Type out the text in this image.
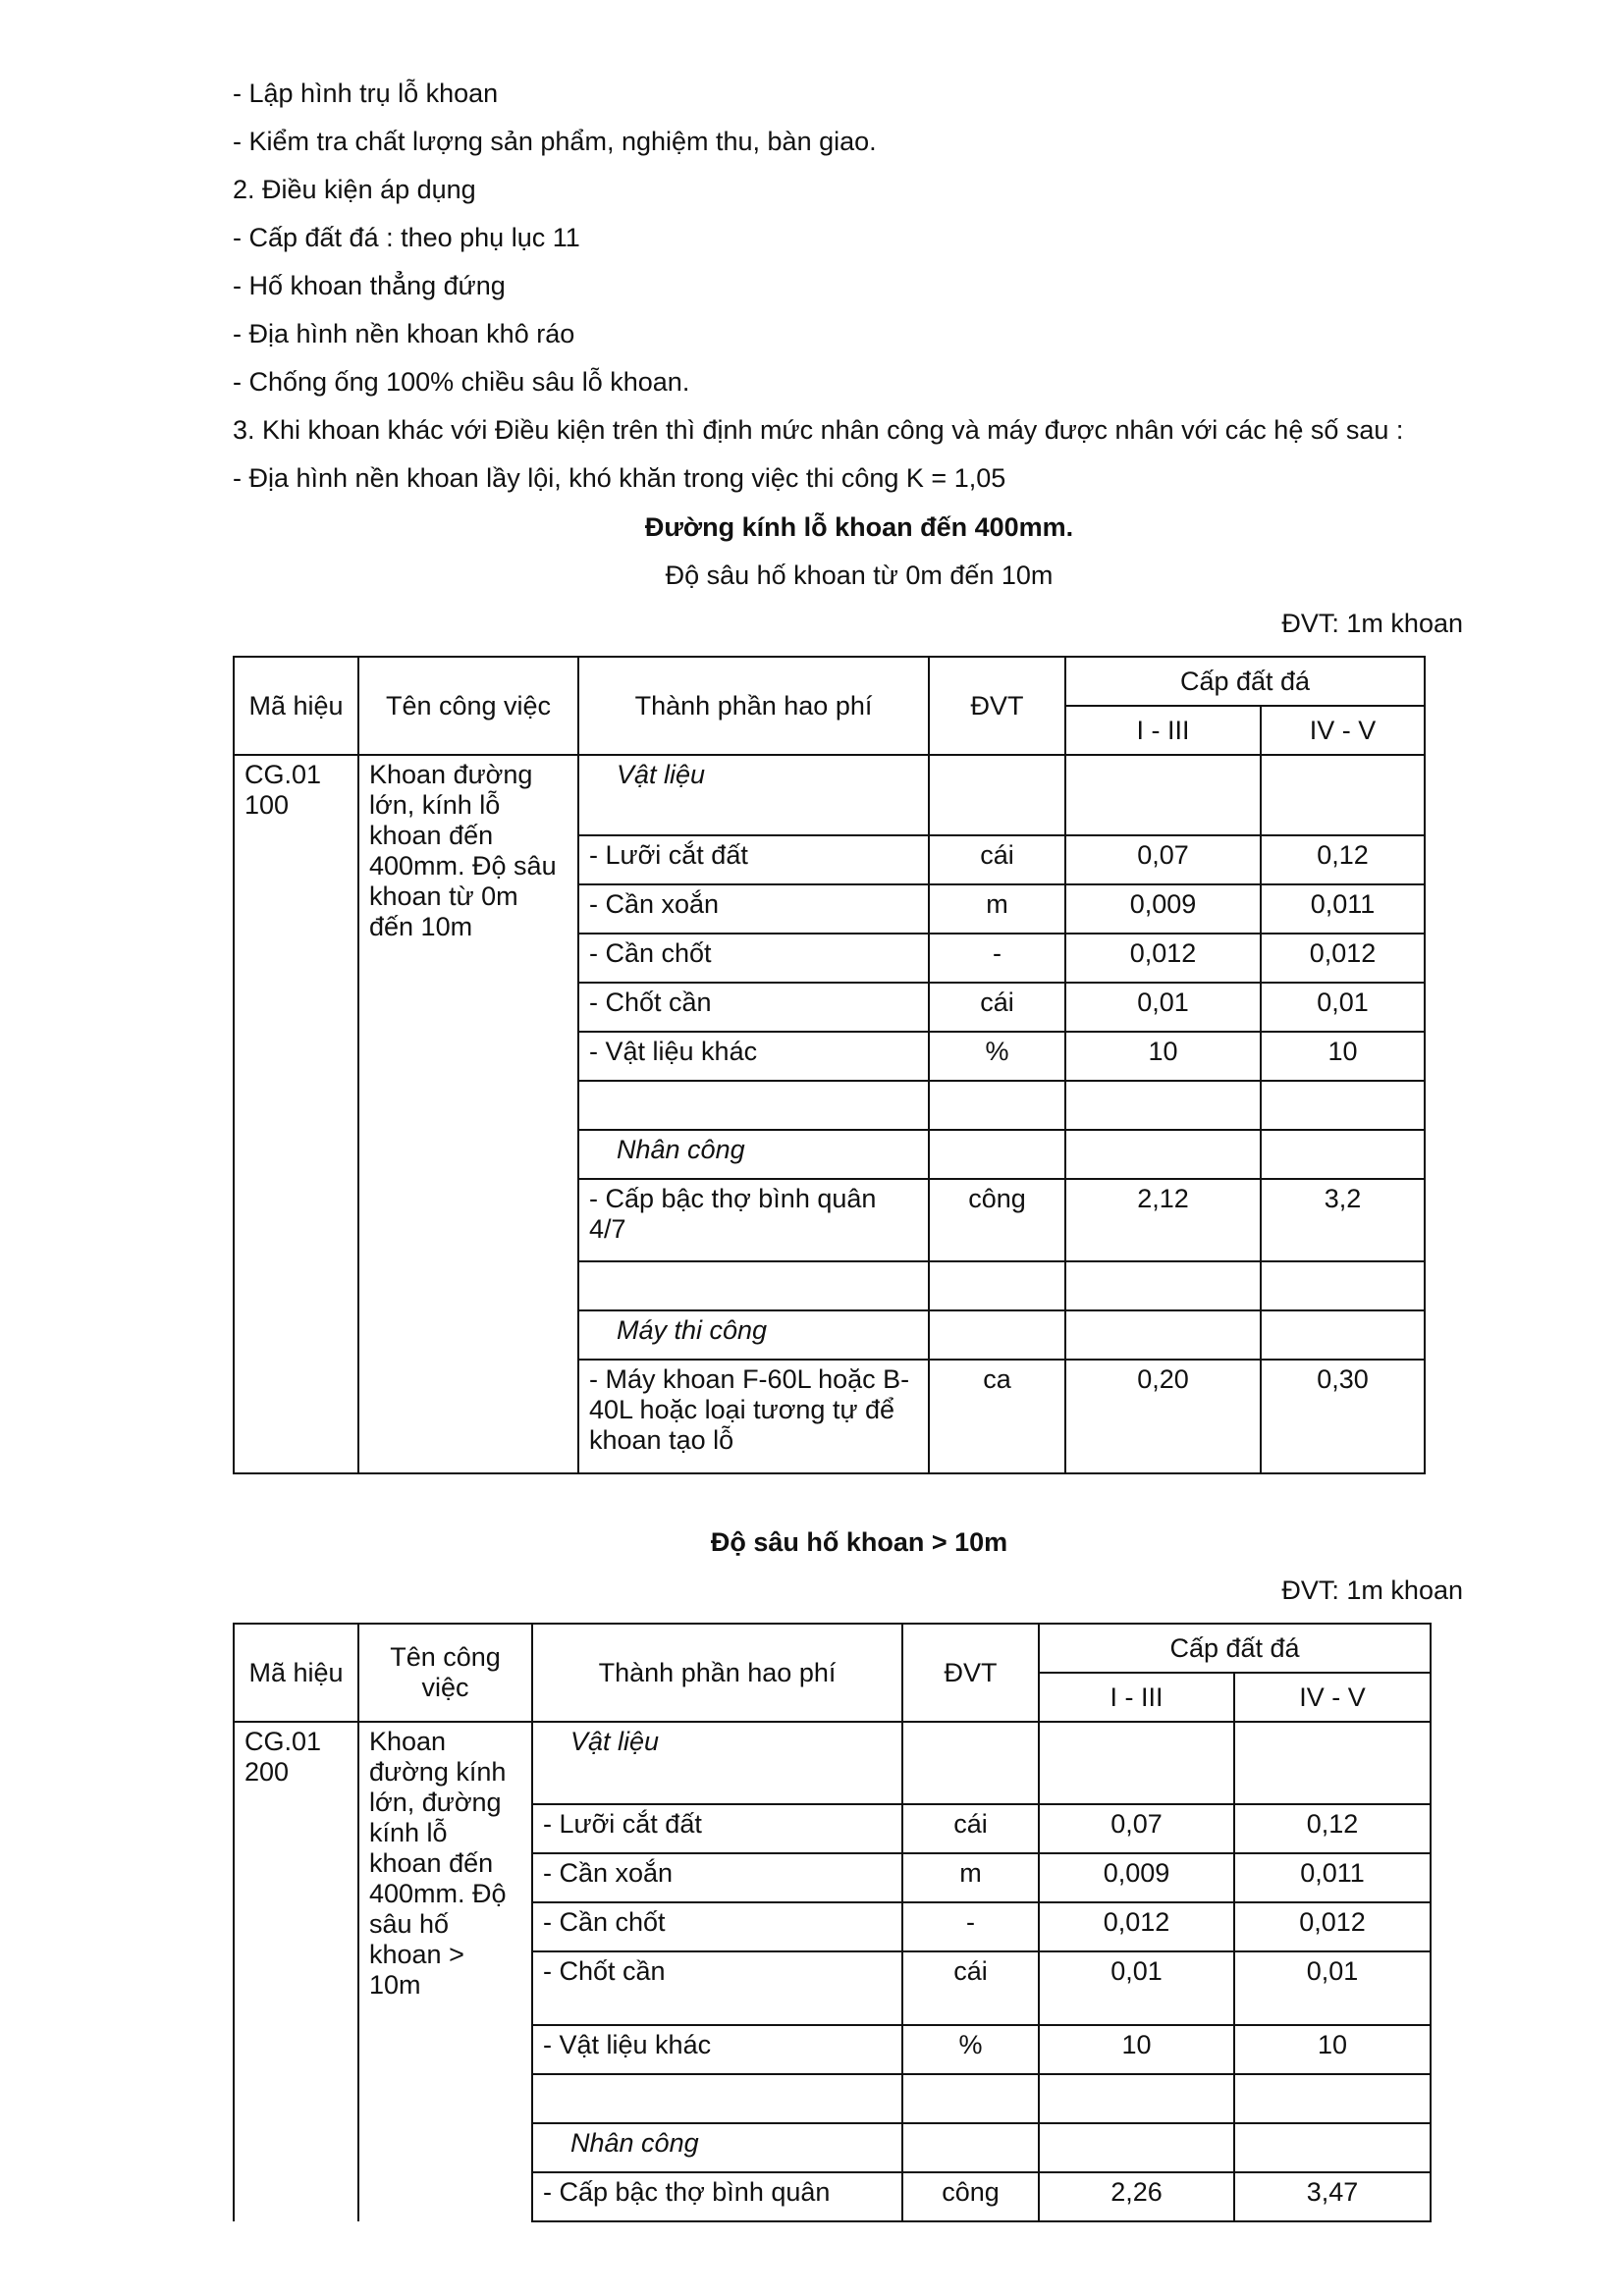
- Lập hình trụ lỗ khoan
- Kiểm tra chất lượng sản phẩm, nghiệm thu, bàn giao.
2. Điều kiện áp dụng
- Cấp đất đá : theo phụ lục 11
- Hố khoan thẳng đứng
- Địa hình nền khoan khô ráo
- Chống ống 100% chiều sâu lỗ khoan.
3. Khi khoan khác với Điều kiện trên thì định mức nhân công và máy được nhân với các hệ số sau :
- Địa hình nền khoan lầy lội, khó khăn trong việc thi công K = 1,05
Đường kính lỗ khoan đến 400mm.
Độ sâu hố khoan từ 0m đến 10m
ĐVT: 1m khoan
Mã hiệu	Tên công việc	Thành phần hao phí	ĐVT	Cấp đất đá	
				I - III	IV - V
CG.01 100	Khoan đường lớn, kính lỗ khoan đến 400mm. Độ sâu khoan từ 0m đến 10m	Vật liệu			
		- Lưỡi cắt đất	cái	0,07	0,12
		- Cần xoắn	m	0,009	0,011
		- Cần chốt	-	0,012	0,012
		- Chốt cần	cái	0,01	0,01
		- Vật liệu khác	%	10	10

		Nhân công			
		- Cấp bậc thợ bình quân 4/7	công	2,12	3,2

		Máy thi công			
		- Máy khoan F-60L hoặc B-40L hoặc loại tương tự để khoan tạo lỗ	ca	0,20	0,30
Độ sâu hố khoan > 10m
ĐVT: 1m khoan
Mã hiệu	Tên công việc	Thành phần hao phí	ĐVT	Cấp đất đá	
				I - III	IV - V
CG.01 200	Khoan đường kính lớn, đường kính lỗ khoan đến 400mm. Độ sâu hố khoan > 10m	Vật liệu			
		- Lưỡi cắt đất	cái	0,07	0,12
		- Cần xoắn	m	0,009	0,011
		- Cần chốt	-	0,012	0,012
		- Chốt cần	cái	0,01	0,01
		- Vật liệu khác	%	10	10

		Nhân công			
		- Cấp bậc thợ bình quân	công	2,26	3,47
